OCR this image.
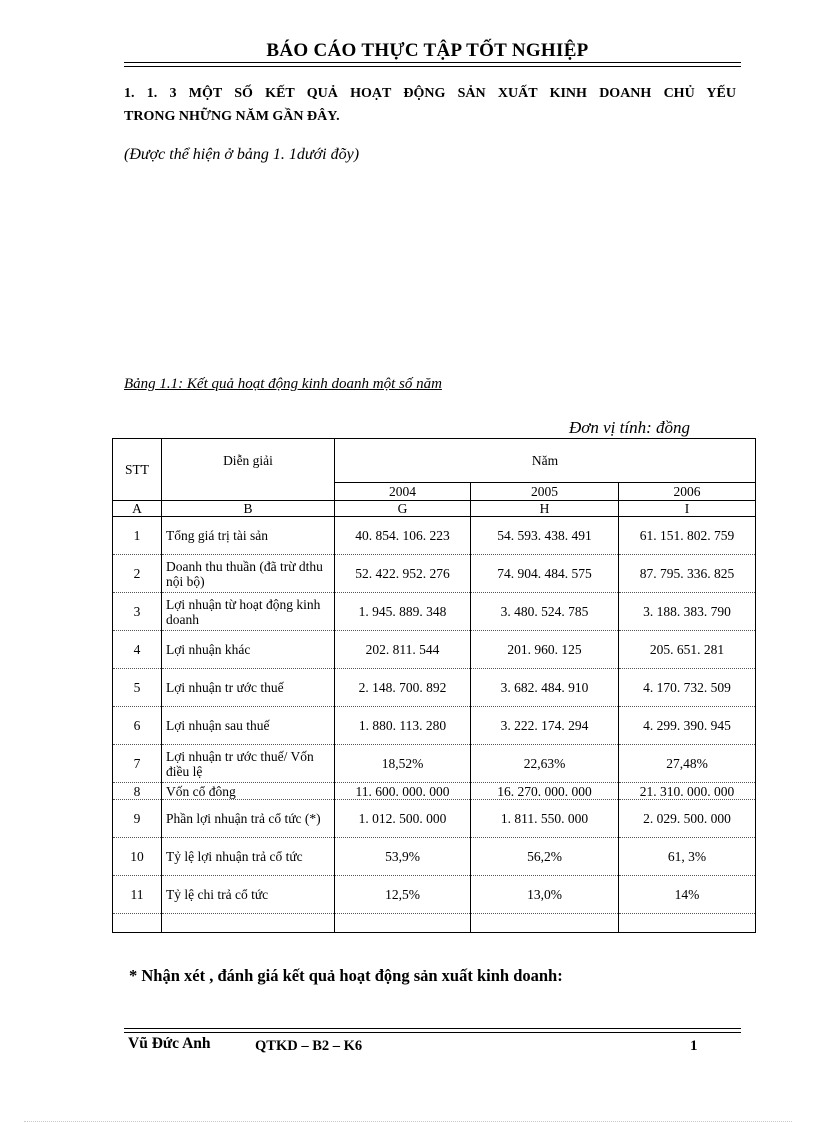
BÁO CÁO THỰC TẬP TỐT NGHIỆP
1. 1. 3 MỘT SỐ KẾT QUẢ HOẠT ĐỘNG SẢN XUẤT KINH DOANH CHỦ YẾU
TRONG NHỮNG NĂM GẦN ĐÂY.
(Được thể hiện ở bảng 1. 1dưới đõy)
Bảng 1.1: Kết quả hoạt động kinh doanh một số năm
Đơn vị tính: đồng
STT	Diễn giải	Năm		
		2004	2005	2006
A	B	G	H	I
1	Tổng giá trị tài sản	40. 854. 106. 223	54. 593. 438. 491	61. 151. 802. 759
2	Doanh thu thuần (đã trừ dthu nội bộ)	52. 422. 952. 276	74. 904. 484. 575	87. 795. 336. 825
3	Lợi nhuận từ hoạt động kinh doanh	1. 945. 889. 348	3. 480. 524. 785	3. 188. 383. 790
4	Lợi nhuận khác	202. 811. 544	201. 960. 125	205. 651. 281
5	Lợi nhuận tr ước thuế	2. 148. 700. 892	3. 682. 484. 910	4. 170. 732. 509
6	Lợi nhuận sau thuế	1. 880. 113. 280	3. 222. 174. 294	4. 299. 390. 945
7	Lợi nhuận tr ước thuế/ Vốn điều lệ	18,52%	22,63%	27,48%
8	Vốn cổ đông	11. 600. 000. 000	16. 270. 000. 000	21. 310. 000. 000
9	Phần lợi nhuận trả cổ tức (*)	1. 012. 500. 000	1. 811. 550. 000	2. 029. 500. 000
10	Tỷ lệ lợi nhuận trả cổ tức	53,9%	56,2%	61, 3%
11	Tỷ lệ chi trả cổ tức	12,5%	13,0%	14%

* Nhận xét , đánh giá kết quả hoạt động sản xuất kinh doanh:
Vũ Đức Anh	QTKD – B2 – K6	1
